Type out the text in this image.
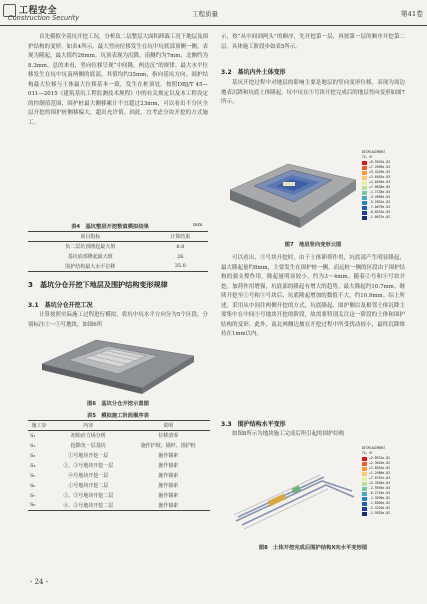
工程安全
Construction Security	工程质量	第41卷
首先模拟全基坑开挖工况，分析负二层整层大面积卸载工况下地层及围护结构的变形，如表4所示。最大竖向位移发生在坑中坑底部顶侧一侧，表现为隆起，最大值约26mm。坑顶表现为沉降，南侧约为7mm，北侧约为8.3mm。总的来看，竖向位移呈现“中间隆，两边沉”的规律。最大水平位移发生在坑中坑南两侧的底部，其值均约35mm，指向基坑方向。围护结构最大位移与土体最大位移基本一致，发生在桩顶处。按照DBJ/T 45—011—2015《建筑基坑工程监测技术规程》中的有关规定以及本工程设定的控制值范围，围护桩最大侧移累计不宜超过23mm，可以看出不分区全层开挖的围护桩侧移偏大，超出允许值。因此，宜考虑分块开挖的方式施工。
表4　基坑整层开挖数值模拟结果	mm
项目指标	计算结果
负二层坑顶隆起最大值	8.8
基坑底部隆起最大值	26
围护结构最大水平位移	35.0
3　基坑分仓开挖下地层及围护结构变形规律
3.1　基坑分仓开挖工况
计算按照实际施工过程进行模拟，将坑中坑水平方向分为5个区段，分别标注①～⑤号地块，如图6所
图6　基坑分仓开挖示意图
表5　模拟施工阶段顺序表
施工步	内容	说明
S₁	初始应力场分析	位移清零
S₂	挖除负一层基坑	施作护坡、锚杆、围护桩
S₃	①号地块开挖一层	施作锚索
S₄	②、③号地块开挖一层	施作锚索
S₅	④号地块开挖一层	施作锚索
S₆	①号地块开挖二层	施作锚索
S₇	②、③号地块开挖二层	施作锚索
S₈	④、⑤号地块开挖二层	施作锚索
- 24 -
示，按“从中间到两头”的顺序，先开挖第一层，再按第一层的顺序开挖第二层。具体施工阶段步如表5所示。
3.2　基坑内外土体变形
基坑开挖过程中对地层的影响主要是地层的竖向变形位移，表现为周边地表沉降和坑底土体隆起。坑中坑在③号块开挖完成后的地层竖向变形如图7所示。
DISPLACEMENT
TZ, M
+8.9943e-03
+7.2096e-03
+5.4249e-03
+3.6402e-03
+1.8556e-03
+7.0838e-05
-1.7138e-03
-3.4985e-03
-5.2832e-03
-7.0679e-03
-8.8525e-03
-1.0637e-02
图7　地层竖向变形云图
可以看出，③号块开挖时，由于土体卸荷作用，坑底部产生明显隆起，最大隆起量约8mm，主要发生在围护桩一侧，而远桩一侧的区段由于围护结构的强支撑作用，隆起量明显较小，约为3～4mm。随着②号和④号块开挖，加荷作用增强，坑底部的隆起有增大的趋势，最大隆起约10.7mm。继续开挖至①号和⑤号块后，坑底隆起增加的数值不大，约10.9mm。综上所述，采用从中间往两侧开挖的方式，坑底隆起、围护侧以及相邻土体沉降主要集中在中间③号地块开挖的阶段，故需要特别关注这一阶段的土体和围护结构的变形。此外，南北两侧边坡在开挖过程中所受扰动较小，最终沉降维持在1mm以内。
3.3　围护结构水平变形
如图8所示为地块施工完成后所引起的围护结构
DISPLACEMENT
TX, M
+2.8931e-02
+2.3616e-02
+1.8301e-02
+1.2986e-02
+7.6707e-03
+2.3556e-03
-2.9594e-03
-8.2745e-03
-1.3590e-02
-1.8905e-02
-2.4220e-02
-2.9535e-02
图8　土体开挖完成后围护结构X向水平变形图
